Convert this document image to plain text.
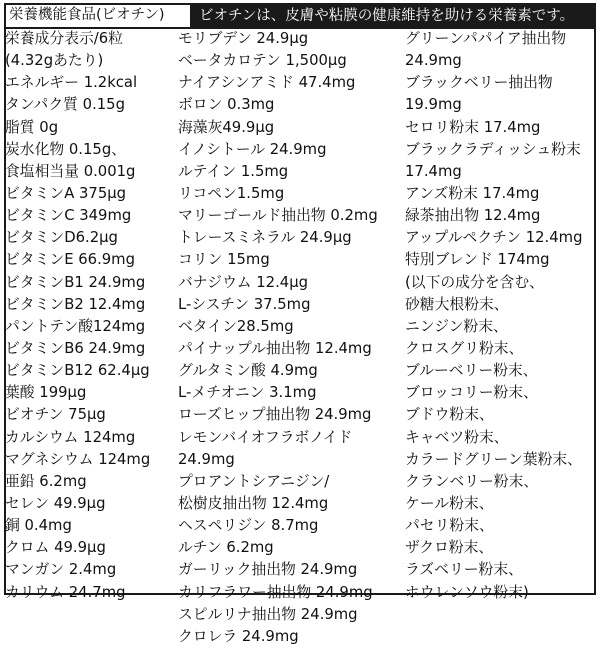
栄養機能食品(ビオチン)	ビオチンは、皮膚や粘膜の健康維持を助ける栄養素です。
栄養成分表示/6粒
(4.32gあたり)
エネルギー 1.2kcal
タンパク質 0.15g
脂質 0g
炭水化物 0.15g、
食塩相当量 0.001g
ビタミンA 375μg
ビタミンC 349mg
ビタミンD6.2μg
ビタミンE 66.9mg
ビタミンB1 24.9mg
ビタミンB2 12.4mg
パントテン酸124mg
ビタミンB6 24.9mg
ビタミンB12 62.4μg
葉酸 199μg
ビオチン 75μg
カルシウム 124mg
マグネシウム 124mg
亜鉛 6.2mg
セレン 49.9μg
銅 0.4mg
クロム 49.9μg
マンガン 2.4mg
カリウム 24.7mg
モリブデン 24.9μg
ベータカロテン 1,500μg
ナイアシンアミド 47.4mg
ボロン 0.3mg
海藻灰49.9μg
イノシトール 24.9mg
ルテイン 1.5mg
リコペン1.5mg
マリーゴールド抽出物 0.2mg
トレースミネラル 24.9μg
コリン 15mg
バナジウム 12.4μg
L-シスチン 37.5mg
ベタイン28.5mg
パイナップル抽出物 12.4mg
グルタミン酸 4.9mg
L-メチオニン 3.1mg
ローズヒップ抽出物 24.9mg
レモンバイオフラボノイド
24.9mg
プロアントシアニジン/
松樹皮抽出物 12.4mg
ヘスペリジン 8.7mg
ルチン 6.2mg
ガーリック抽出物 24.9mg
カリフラワー抽出物 24.9mg
スピルリナ抽出物 24.9mg
クロレラ 24.9mg
グリーンパパイア抽出物
24.9mg
ブラックベリー抽出物
19.9mg
セロリ粉末 17.4mg
ブラックラディッシュ粉末
17.4mg
アンズ粉末 17.4mg
緑茶抽出物 12.4mg
アップルペクチン 12.4mg
特別ブレンド 174mg
(以下の成分を含む、
砂糖大根粉末、
ニンジン粉末、
クロスグリ粉末、
ブルーベリー粉末、
ブロッコリー粉末、
ブドウ粉末、
キャベツ粉末、
カラードグリーン葉粉末、
クランベリー粉末、
ケール粉末、
パセリ粉末、
ザクロ粉末、
ラズベリー粉末、
ホウレンソウ粉末)
